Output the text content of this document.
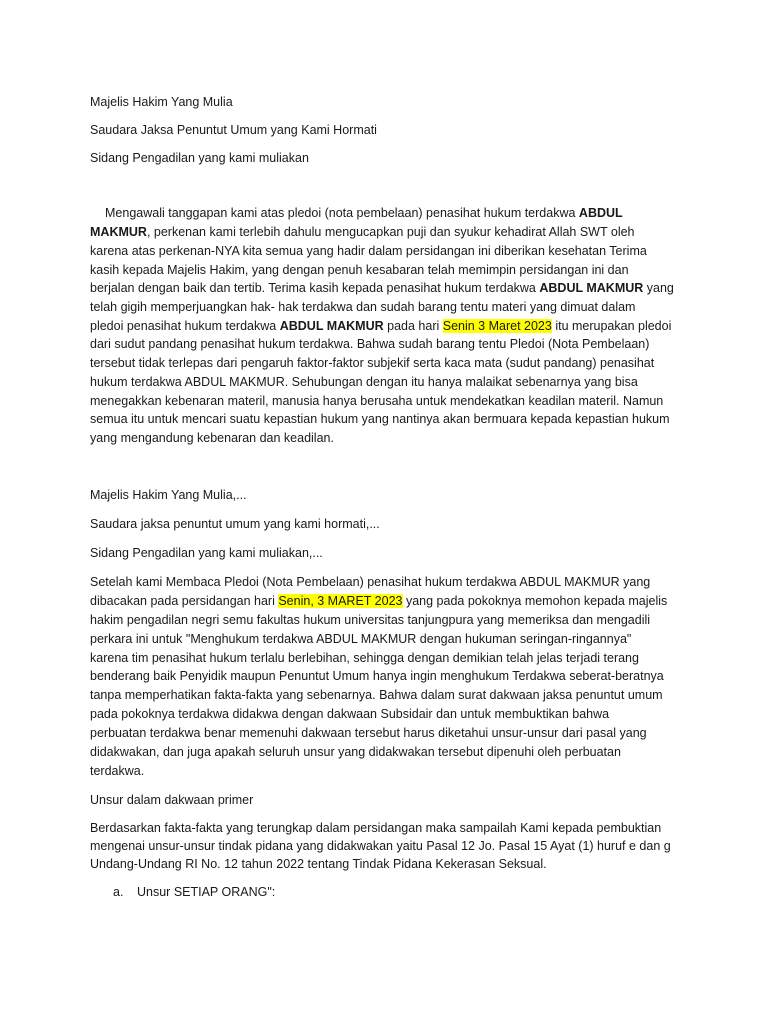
Majelis Hakim Yang Mulia
Saudara Jaksa Penuntut Umum yang Kami Hormati
Sidang Pengadilan yang kami muliakan
Mengawali tanggapan kami atas pledoi (nota pembelaan) penasihat hukum terdakwa ABDUL
MAKMUR, perkenan kami terlebih dahulu mengucapkan puji dan syukur kehadirat Allah SWT oleh
karena atas perkenan-NYA kita semua yang hadir dalam persidangan ini diberikan kesehatan Terima
kasih kepada Majelis Hakim, yang dengan penuh kesabaran telah memimpin persidangan ini dan
berjalan dengan baik dan tertib. Terima kasih kepada penasihat hukum terdakwa ABDUL MAKMUR yang
telah gigih memperjuangkan hak- hak terdakwa dan sudah barang tentu materi yang dimuat dalam
pledoi penasihat hukum terdakwa ABDUL MAKMUR pada hari Senin 3 Maret 2023 itu merupakan pledoi
dari sudut pandang penasihat hukum terdakwa. Bahwa sudah barang tentu Pledoi (Nota Pembelaan)
tersebut tidak terlepas dari pengaruh faktor-faktor subjekif serta kaca mata (sudut pandang) penasihat
hukum terdakwa ABDUL MAKMUR. Sehubungan dengan itu hanya malaikat sebenarnya yang bisa
menegakkan kebenaran materil, manusia hanya berusaha untuk mendekatkan keadilan materil. Namun
semua itu untuk mencari suatu kepastian hukum yang nantinya akan bermuara kepada kepastian hukum
yang mengandung kebenaran dan keadilan.
Majelis Hakim Yang Mulia,...
Saudara jaksa penuntut umum yang kami hormati,...
Sidang Pengadilan yang kami muliakan,...
Setelah kami Membaca Pledoi (Nota Pembelaan) penasihat hukum terdakwa ABDUL MAKMUR yang
dibacakan pada persidangan hari Senin, 3 MARET 2023 yang pada pokoknya memohon kepada majelis
hakim pengadilan negri semu fakultas hukum universitas tanjungpura yang memeriksa dan mengadili
perkara ini untuk "Menghukum terdakwa ABDUL MAKMUR dengan hukuman seringan-ringannya"
karena tim penasihat hukum terlalu berlebihan, sehingga dengan demikian telah jelas terjadi terang
benderang baik Penyidik maupun Penuntut Umum hanya ingin menghukum Terdakwa seberat-beratnya
tanpa memperhatikan fakta-fakta yang sebenarnya. Bahwa dalam surat dakwaan jaksa penuntut umum
pada pokoknya terdakwa didakwa dengan dakwaan Subsidair dan untuk membuktikan bahwa
perbuatan terdakwa benar memenuhi dakwaan tersebut harus diketahui unsur-unsur dari pasal yang
didakwakan, dan juga apakah seluruh unsur yang didakwakan tersebut dipenuhi oleh perbuatan
terdakwa.
Unsur dalam dakwaan primer
Berdasarkan fakta-fakta yang terungkap dalam persidangan maka sampailah Kami kepada pembuktian
mengenai unsur-unsur tindak pidana yang didakwakan yaitu Pasal 12 Jo. Pasal 15 Ayat (1) huruf e dan g
Undang-Undang RI No. 12 tahun 2022 tentang Tindak Pidana Kekerasan Seksual.
a. Unsur SETIAP ORANG":
